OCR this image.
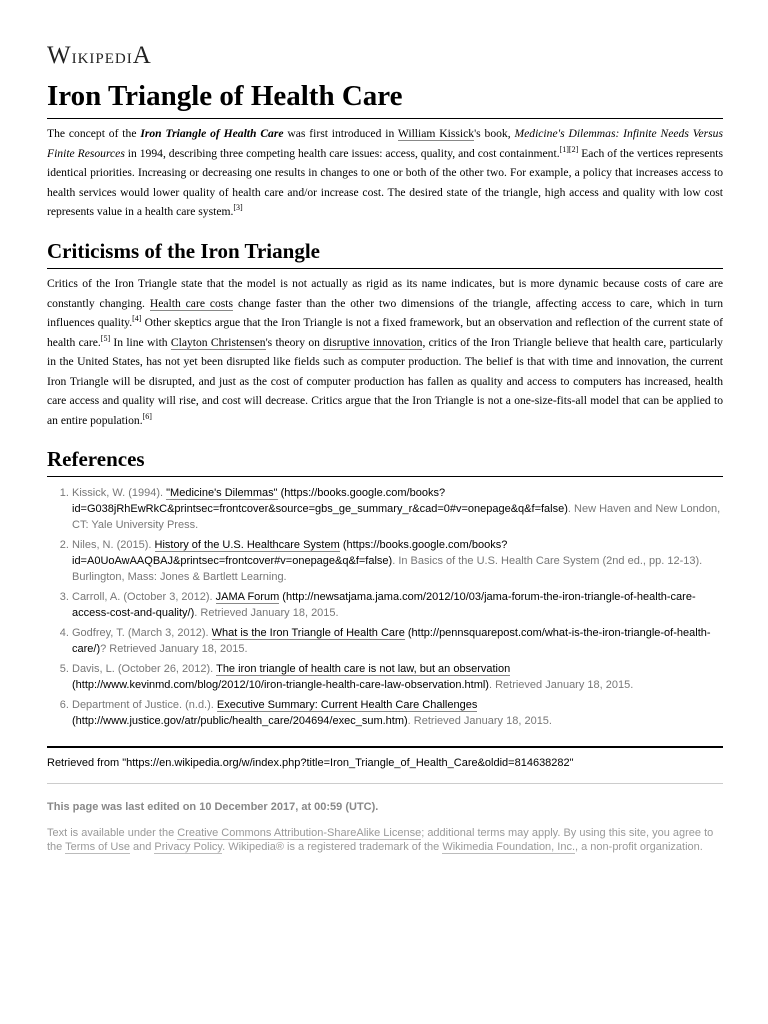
WikipediA
Iron Triangle of Health Care

The concept of the Iron Triangle of Health Care was first introduced in William Kissick's book, Medicine's Dilemmas: Infinite Needs Versus Finite Resources in 1994, describing three competing health care issues: access, quality, and cost containment.[1][2] Each of the vertices represents identical priorities. Increasing or decreasing one results in changes to one or both of the other two. For example, a policy that increases access to health services would lower quality of health care and/or increase cost. The desired state of the triangle, high access and quality with low cost represents value in a health care system.[3]

Criticisms of the Iron Triangle

Critics of the Iron Triangle state that the model is not actually as rigid as its name indicates, but is more dynamic because costs of care are constantly changing. Health care costs change faster than the other two dimensions of the triangle, affecting access to care, which in turn influences quality.[4] Other skeptics argue that the Iron Triangle is not a fixed framework, but an observation and reflection of the current state of health care.[5] In line with Clayton Christensen's theory on disruptive innovation, critics of the Iron Triangle believe that health care, particularly in the United States, has not yet been disrupted like fields such as computer production. The belief is that with time and innovation, the current Iron Triangle will be disrupted, and just as the cost of computer production has fallen as quality and access to computers has increased, health care access and quality will rise, and cost will decrease. Critics argue that the Iron Triangle is not a one-size-fits-all model that can be applied to an entire population.[6]

References
1. Kissick, W. (1994). "Medicine's Dilemmas" (https://books.google.com/books?id=G038jRhEwRkC&printsec=frontcover&source=gbs_ge_summary_r&cad=0#v=onepage&q&f=false). New Haven and New London, CT: Yale University Press.
2. Niles, N. (2015). History of the U.S. Healthcare System (https://books.google.com/books?id=A0UoAwAAQBAJ&printsec=frontcover#v=onepage&q&f=false). In Basics of the U.S. Health Care System (2nd ed., pp. 12-13). Burlington, Mass: Jones & Bartlett Learning.
3. Carroll, A. (October 3, 2012). JAMA Forum (http://newsatjama.jama.com/2012/10/03/jama-forum-the-iron-triangle-of-health-care-access-cost-and-quality/). Retrieved January 18, 2015.
4. Godfrey, T. (March 3, 2012). What is the Iron Triangle of Health Care (http://pennsquarepost.com/what-is-the-iron-triangle-of-health-care/)? Retrieved January 18, 2015.
5. Davis, L. (October 26, 2012). The iron triangle of health care is not law, but an observation (http://www.kevinmd.com/blog/2012/10/iron-triangle-health-care-law-observation.html). Retrieved January 18, 2015.
6. Department of Justice. (n.d.). Executive Summary: Current Health Care Challenges (http://www.justice.gov/atr/public/health_care/204694/exec_sum.htm). Retrieved January 18, 2015.
Retrieved from "https://en.wikipedia.org/w/index.php?title=Iron_Triangle_of_Health_Care&oldid=814638282"
This page was last edited on 10 December 2017, at 00:59 (UTC).
Text is available under the Creative Commons Attribution-ShareAlike License; additional terms may apply. By using this site, you agree to the Terms of Use and Privacy Policy. Wikipedia® is a registered trademark of the Wikimedia Foundation, Inc., a non-profit organization.
